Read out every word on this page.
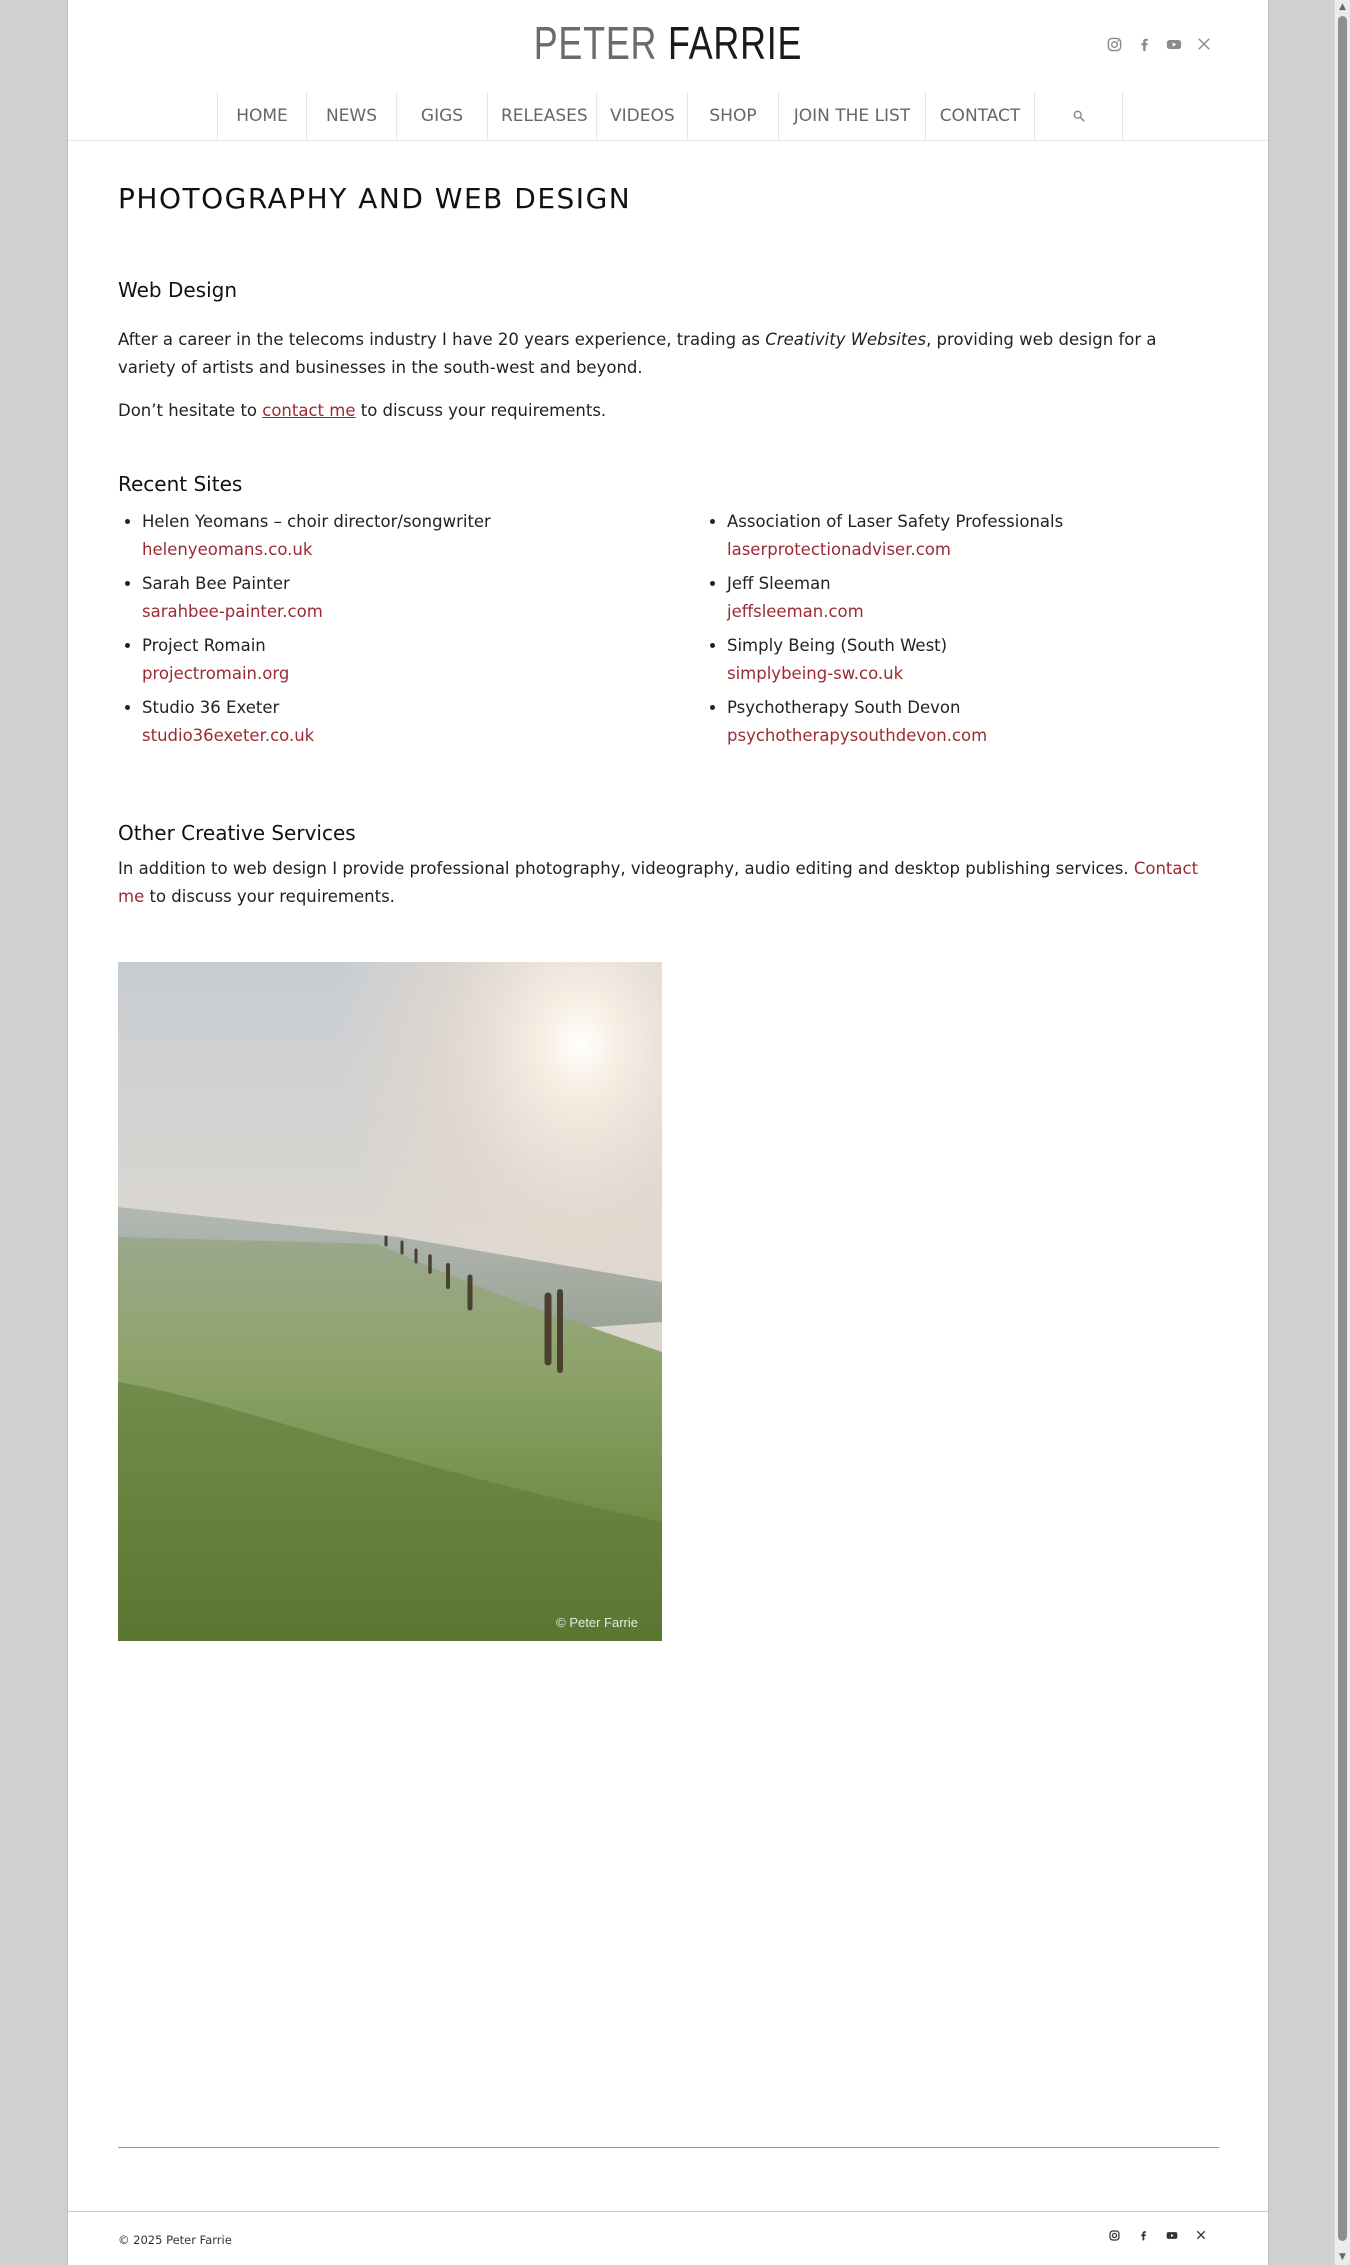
PETER FARRIE
HOME	NEWS	GIGS	RELEASES	VIDEOS	SHOP	JOIN THE LIST	CONTACT
PHOTOGRAPHY AND WEB DESIGN
Web Design

After a career in the telecoms industry I have 20 years experience, trading as Creativity Websites, providing web design for a variety of artists and businesses in the south-west and beyond.

Don’t hesitate to contact me to discuss your requirements.

Recent Sites
• Helen Yeomans – choir director/songwriter
helenyeomans.co.uk
• Sarah Bee Painter
sarahbee-painter.com
• Project Romain
projectromain.org
• Studio 36 Exeter
studio36exeter.co.uk
• Association of Laser Safety Professionals
laserprotectionadviser.com
• Jeff Sleeman
jeffsleeman.com
• Simply Being (South West)
simplybeing-sw.co.uk
• Psychotherapy South Devon
psychotherapysouthdevon.com
Other Creative Services

In addition to web design I provide professional photography, videography, audio editing and desktop publishing services. Contact me to discuss your requirements.

© Peter Farrie
© 2025 Peter Farrie
▲
▼
